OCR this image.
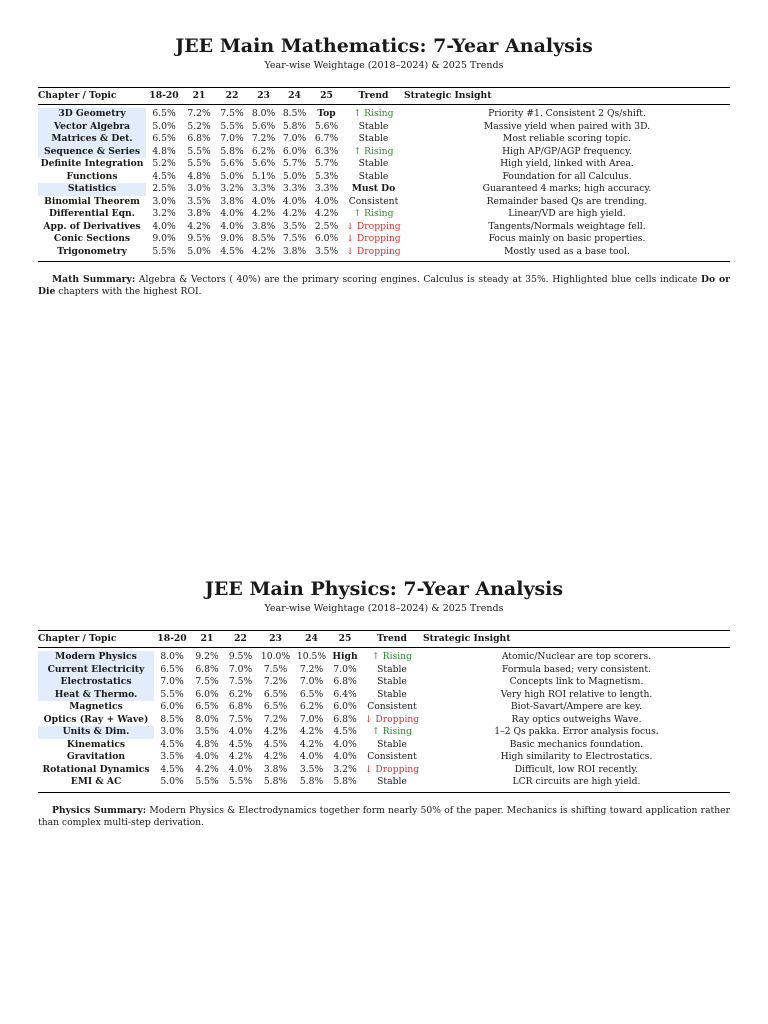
JEE Main Mathematics: 7-Year Analysis
Year-wise Weightage (2018–2024) & 2025 Trends
Chapter / Topic	18-20	21	22	23	24	25	Trend	Strategic Insight

3D Geometry	6.5%	7.2%	7.5%	8.0%	8.5%	Top	↑ Rising	Priority #1. Consistent 2 Qs/shift.

Vector Algebra	5.0%	5.2%	5.5%	5.6%	5.8%	5.6%	Stable	Massive yield when paired with 3D.

Matrices & Det.	6.5%	6.8%	7.0%	7.2%	7.0%	6.7%	Stable	Most reliable scoring topic.

Sequence & Series	4.8%	5.5%	5.8%	6.2%	6.0%	6.3%	↑ Rising	High AP/GP/AGP frequency.

Definite Integration	5.2%	5.5%	5.6%	5.6%	5.7%	5.7%	Stable	High yield, linked with Area.

Functions	4.5%	4.8%	5.0%	5.1%	5.0%	5.3%	Stable	Foundation for all Calculus.

Statistics	2.5%	3.0%	3.2%	3.3%	3.3%	3.3%	Must Do	Guaranteed 4 marks; high accuracy.

Binomial Theorem	3.0%	3.5%	3.8%	4.0%	4.0%	4.0%	Consistent	Remainder based Qs are trending.

Differential Eqn.	3.2%	3.8%	4.0%	4.2%	4.2%	4.2%	↑ Rising	Linear/VD are high yield.

App. of Derivatives	4.0%	4.2%	4.0%	3.8%	3.5%	2.5%	↓ Dropping	Tangents/Normals weightage fell.

Conic Sections	9.0%	9.5%	9.0%	8.5%	7.5%	6.0%	↓ Dropping	Focus mainly on basic properties.

Trigonometry	5.5%	5.0%	4.5%	4.2%	3.8%	3.5%	↓ Dropping	Mostly used as a base tool.
Math Summary: Algebra & Vectors ( 40%) are the primary scoring engines. Calculus is steady at 35%. Highlighted blue cells indicate Do or Die chapters with the highest ROI.
JEE Main Physics: 7-Year Analysis
Year-wise Weightage (2018–2024) & 2025 Trends
Chapter / Topic	18-20	21	22	23	24	25	Trend	Strategic Insight

Modern Physics	8.0%	9.2%	9.5%	10.0%	10.5%	High	↑ Rising	Atomic/Nuclear are top scorers.

Current Electricity	6.5%	6.8%	7.0%	7.5%	7.2%	7.0%	Stable	Formula based; very consistent.

Electrostatics	7.0%	7.5%	7.5%	7.2%	7.0%	6.8%	Stable	Concepts link to Magnetism.

Heat & Thermo.	5.5%	6.0%	6.2%	6.5%	6.5%	6.4%	Stable	Very high ROI relative to length.

Magnetics	6.0%	6.5%	6.8%	6.5%	6.2%	6.0%	Consistent	Biot-Savart/Ampere are key.

Optics (Ray + Wave)	8.5%	8.0%	7.5%	7.2%	7.0%	6.8%	↓ Dropping	Ray optics outweighs Wave.

Units & Dim.	3.0%	3.5%	4.0%	4.2%	4.2%	4.5%	↑ Rising	1–2 Qs pakka. Error analysis focus.

Kinematics	4.5%	4.8%	4.5%	4.5%	4.2%	4.0%	Stable	Basic mechanics foundation.

Gravitation	3.5%	4.0%	4.2%	4.2%	4.0%	4.0%	Consistent	High similarity to Electrostatics.

Rotational Dynamics	4.5%	4.2%	4.0%	3.8%	3.5%	3.2%	↓ Dropping	Difficult, low ROI recently.

EMI & AC	5.0%	5.5%	5.5%	5.8%	5.8%	5.8%	Stable	LCR circuits are high yield.
Physics Summary: Modern Physics & Electrodynamics together form nearly 50% of the paper. Mechanics is shifting toward application rather than complex multi-step derivation.
